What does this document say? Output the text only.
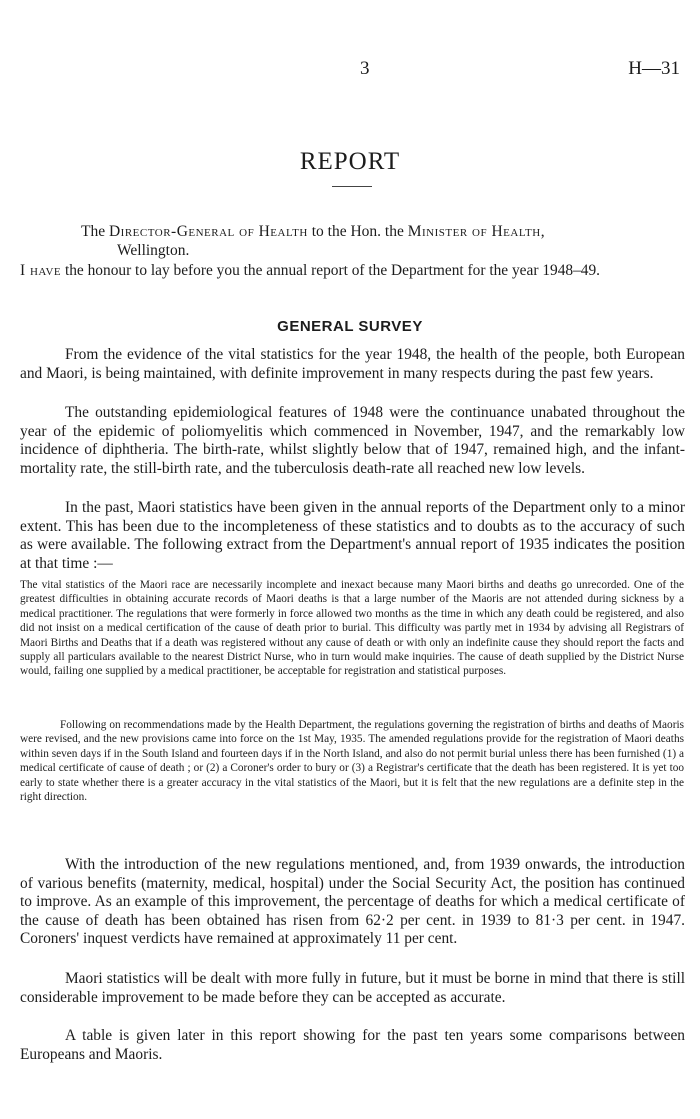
3	H—31
REPORT
The Director-General of Health to the Hon. the Minister of Health,
Wellington.

I have the honour to lay before you the annual report of the Department for the year 1948–49.

GENERAL SURVEY

From the evidence of the vital statistics for the year 1948, the health of the people, both European and Maori, is being maintained, with definite improvement in many respects during the past few years.

The outstanding epidemiological features of 1948 were the continuance unabated throughout the year of the epidemic of poliomyelitis which commenced in November, 1947, and the remarkably low incidence of diphtheria. The birth-rate, whilst slightly below that of 1947, remained high, and the infant-mortality rate, the still-birth rate, and the tuberculosis death-rate all reached new low levels.

In the past, Maori statistics have been given in the annual reports of the Department only to a minor extent. This has been due to the incompleteness of these statistics and to doubts as to the accuracy of such as were available. The following extract from the Department's annual report of 1935 indicates the position at that time :—

The vital statistics of the Maori race are necessarily incomplete and inexact because many Maori births and deaths go unrecorded. One of the greatest difficulties in obtaining accurate records of Maori deaths is that a large number of the Maoris are not attended during sickness by a medical practitioner. The regulations that were formerly in force allowed two months as the time in which any death could be registered, and also did not insist on a medical certification of the cause of death prior to burial. This difficulty was partly met in 1934 by advising all Registrars of Maori Births and Deaths that if a death was registered without any cause of death or with only an indefinite cause they should report the facts and supply all particulars available to the nearest District Nurse, who in turn would make inquiries. The cause of death supplied by the District Nurse would, failing one supplied by a medical practitioner, be acceptable for registration and statistical purposes.

Following on recommendations made by the Health Department, the regulations governing the registration of births and deaths of Maoris were revised, and the new provisions came into force on the 1st May, 1935. The amended regulations provide for the registration of Maori deaths within seven days if in the South Island and fourteen days if in the North Island, and also do not permit burial unless there has been furnished (1) a medical certificate of cause of death ; or (2) a Coroner's order to bury or (3) a Registrar's certificate that the death has been registered. It is yet too early to state whether there is a greater accuracy in the vital statistics of the Maori, but it is felt that the new regulations are a definite step in the right direction.

With the introduction of the new regulations mentioned, and, from 1939 onwards, the introduction of various benefits (maternity, medical, hospital) under the Social Security Act, the position has continued to improve. As an example of this improvement, the percentage of deaths for which a medical certificate of the cause of death has been obtained has risen from 62·2 per cent. in 1939 to 81·3 per cent. in 1947. Coroners' inquest verdicts have remained at approximately 11 per cent.

Maori statistics will be dealt with more fully in future, but it must be borne in mind that there is still considerable improvement to be made before they can be accepted as accurate.

A table is given later in this report showing for the past ten years some comparisons between Europeans and Maoris.
